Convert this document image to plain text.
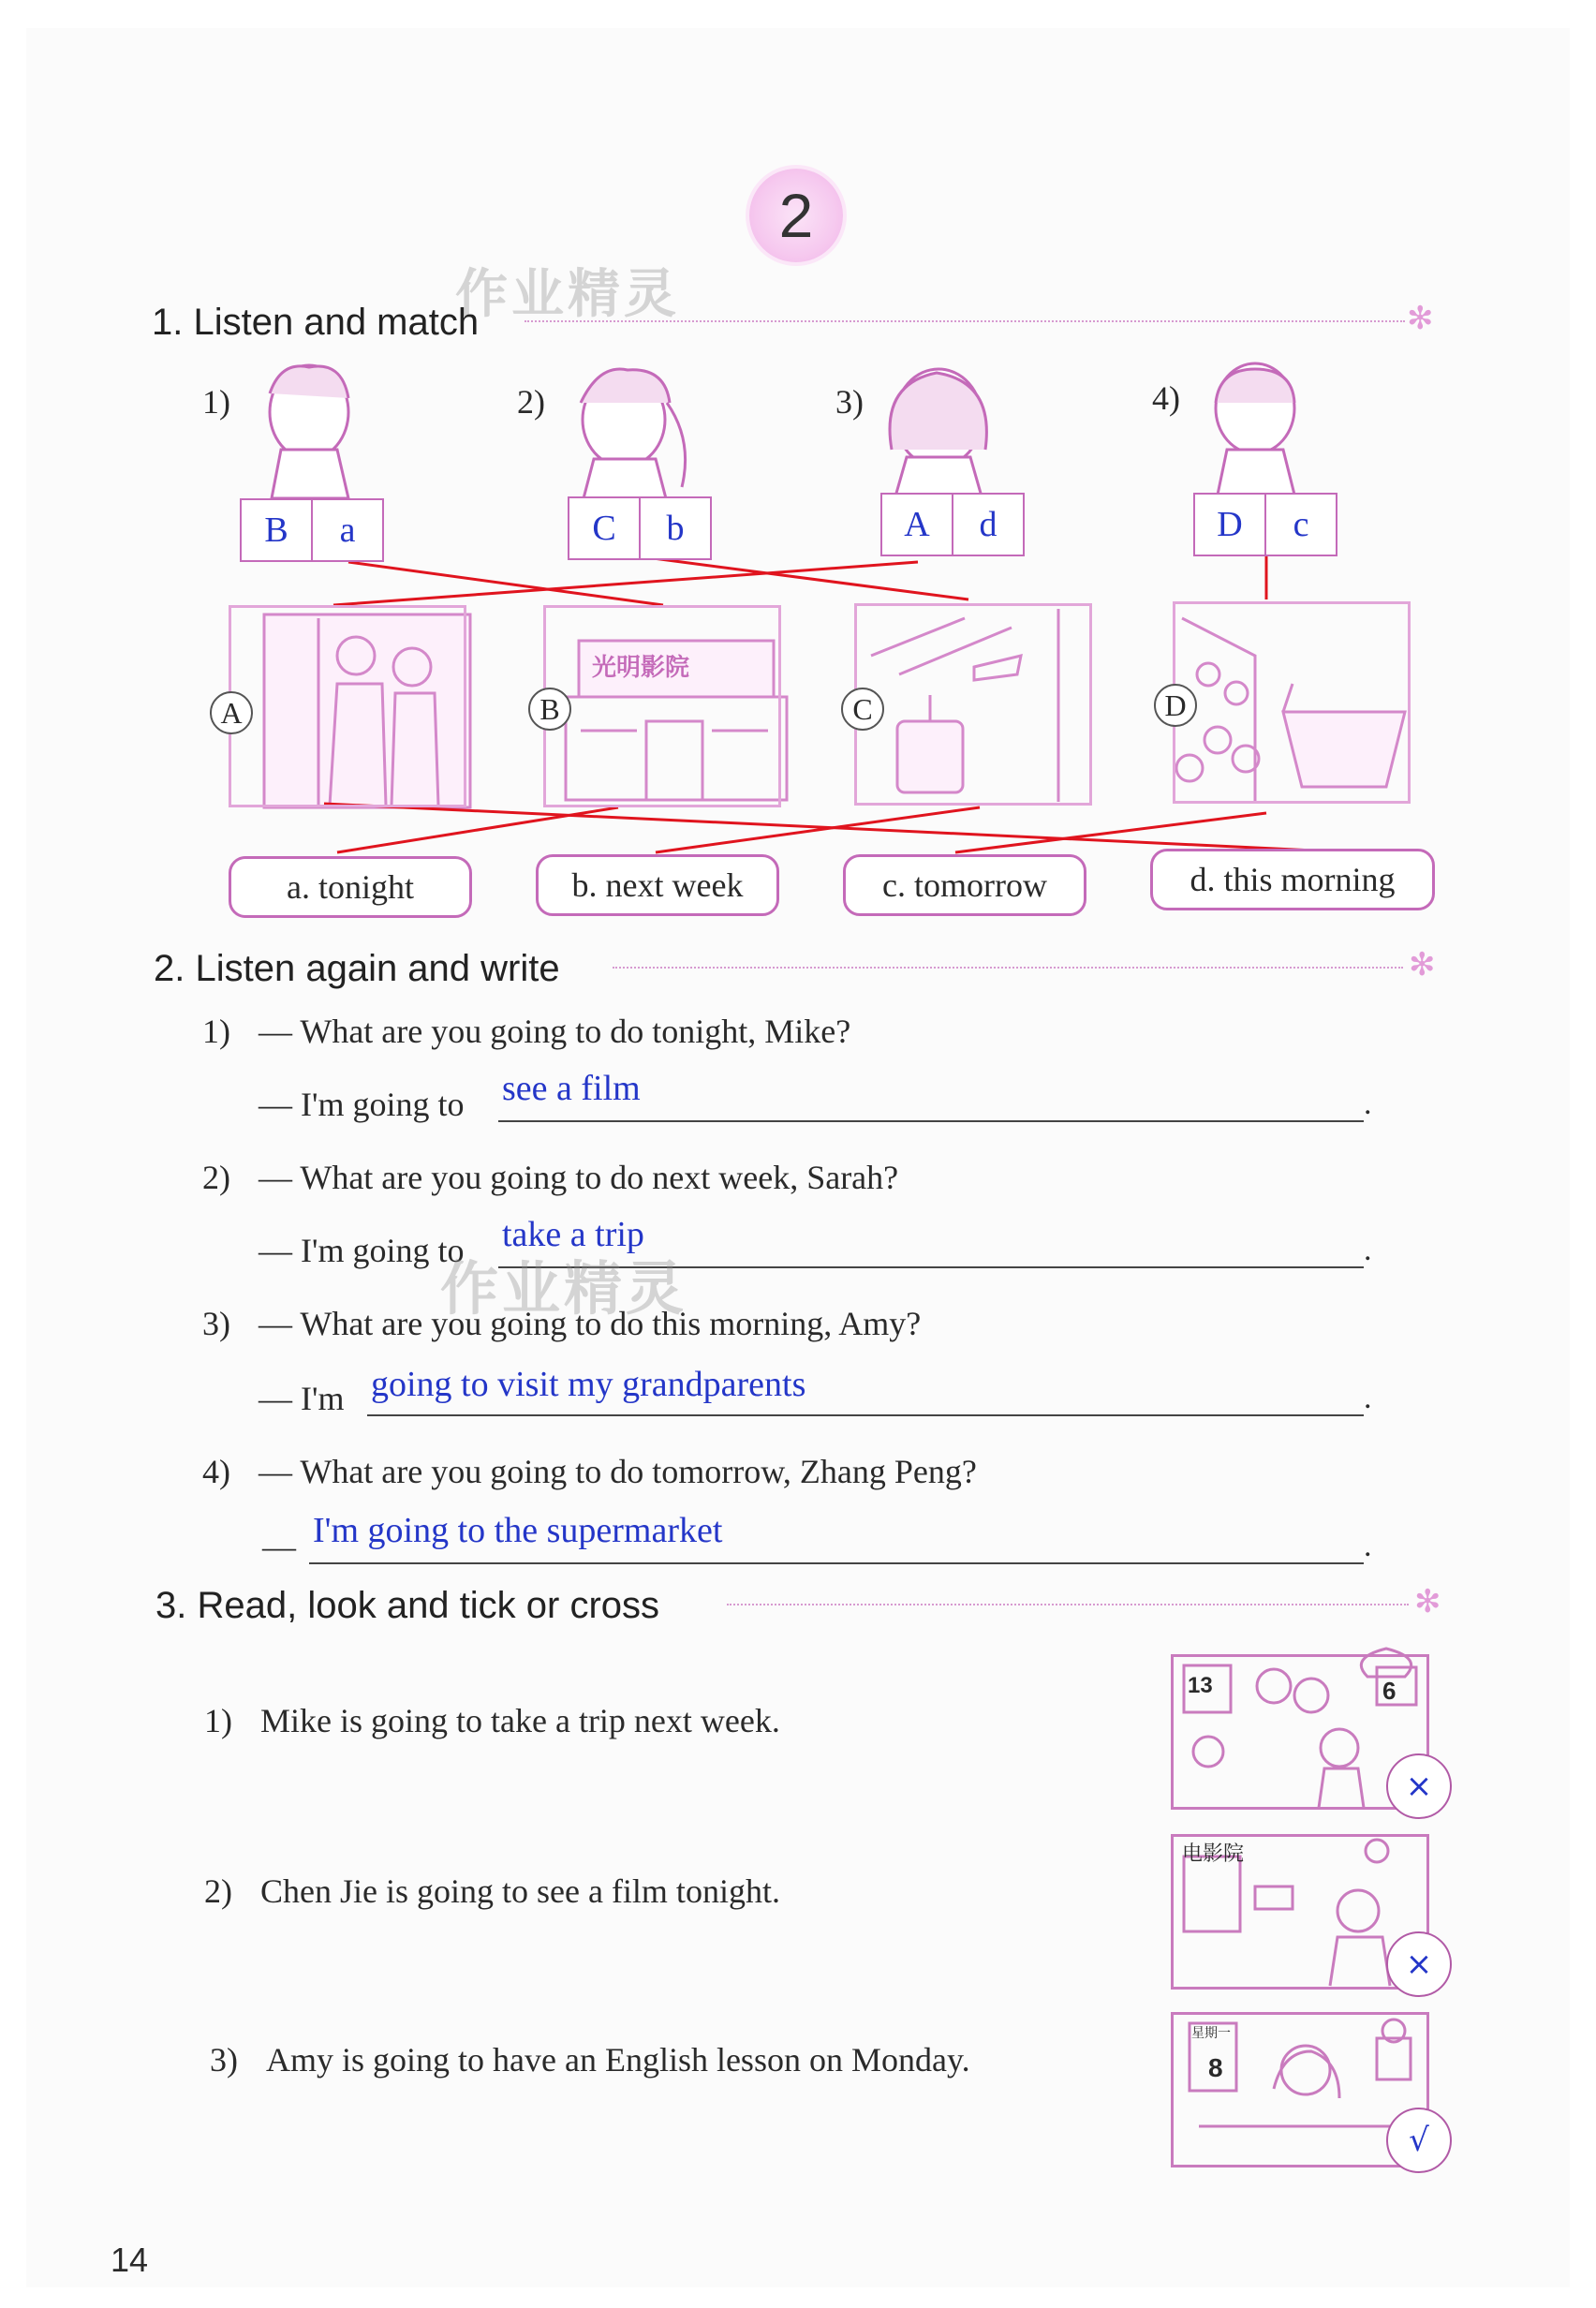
2
作业精灵
1. Listen and match	✻
1)	2)	3)	4)
B	a	C	b	A	d	D	c
光明影院
A	B	C	D
a. tonight	b. next week	c. tomorrow	d. this morning
2. Listen again and write	✻
1) — What are you going to do tonight, Mike?
— I'm going to see a film	.
2) — What are you going to do next week, Sarah?
— I'm going to take a trip	.
作业精灵
3) — What are you going to do this morning, Amy?
— I'm going to visit my grandparents	.
4) — What are you going to do tomorrow, Zhang Peng?
— I'm going to the supermarket	.
3. Read, look and tick or cross	✻
1) Mike is going to take a trip next week.
13	6
×
2) Chen Jie is going to see a film tonight.
电影院
×
3) Amy is going to have an English lesson on Monday.
星期一
8
√
14
